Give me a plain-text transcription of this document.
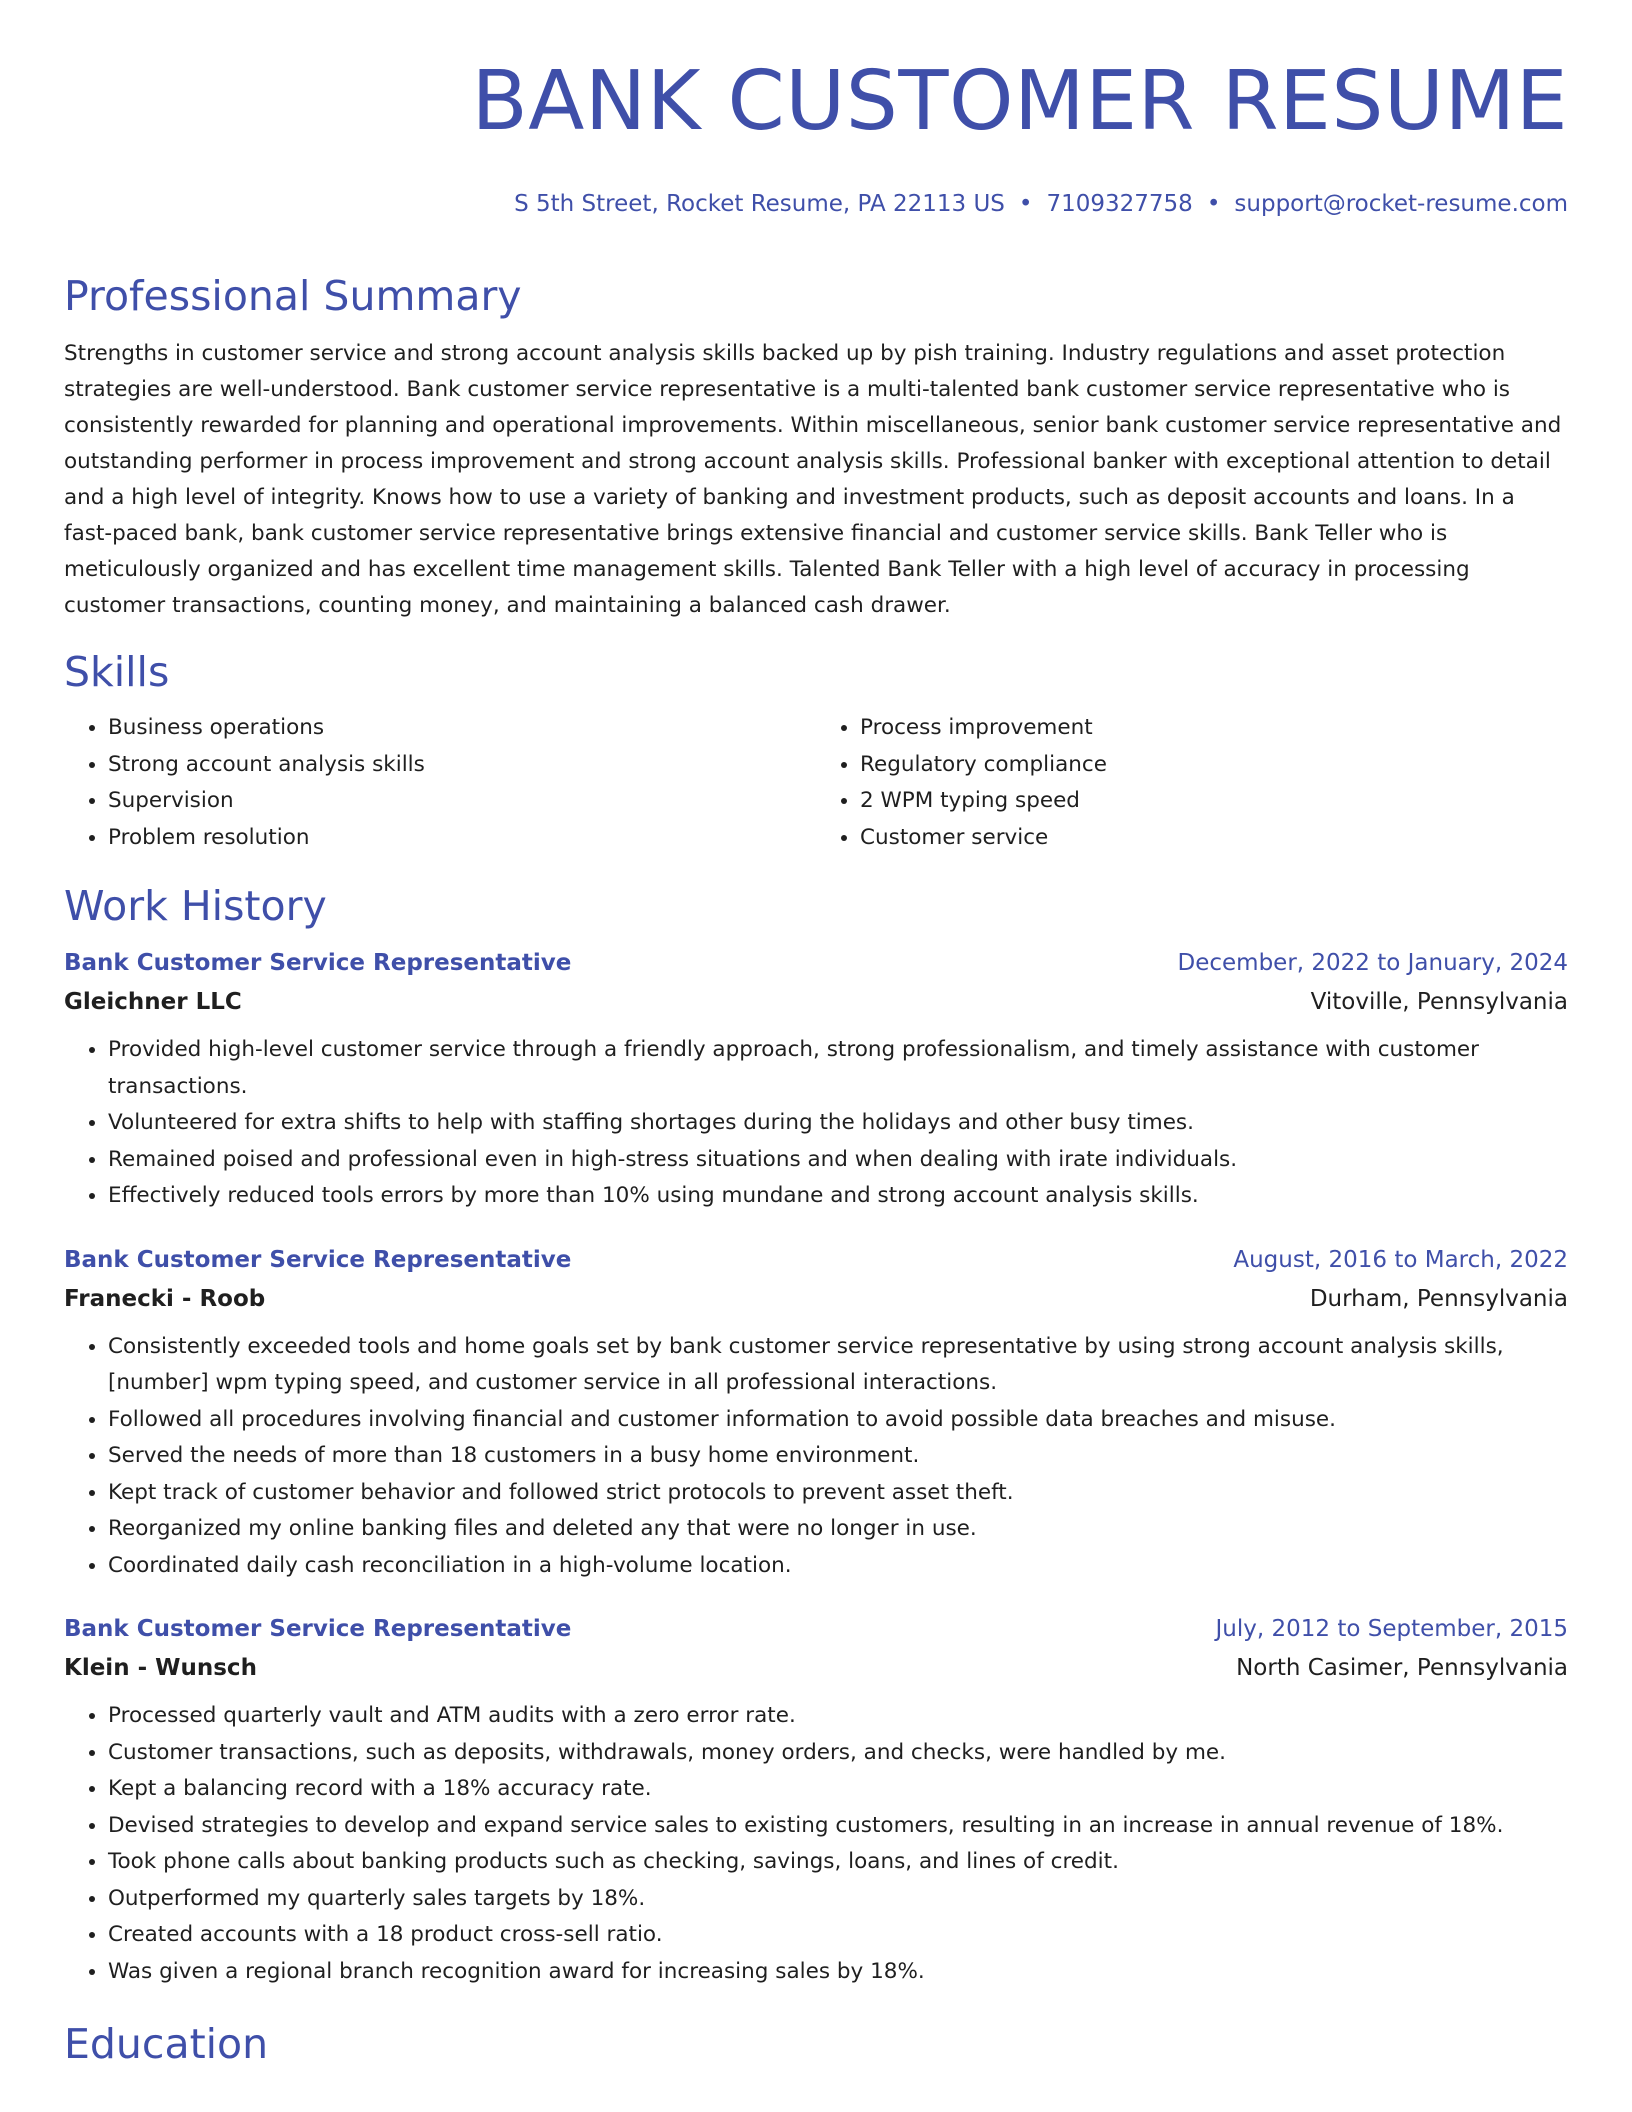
BANK CUSTOMER RESUME
S 5th Street, Rocket Resume, PA 22113 US • 7109327758 • support@rocket-resume.com
Professional Summary

Strengths in customer service and strong account analysis skills backed up by pish training. Industry regulations and asset protection strategies are well-understood. Bank customer service representative is a multi-talented bank customer service representative who is consistently rewarded for planning and operational improvements. Within miscellaneous, senior bank customer service representative and outstanding performer in process improvement and strong account analysis skills. Professional banker with exceptional attention to detail and a high level of integrity. Knows how to use a variety of banking and investment products, such as deposit accounts and loans. In a fast-paced bank, bank customer service representative brings extensive financial and customer service skills. Bank Teller who is meticulously organized and has excellent time management skills. Talented Bank Teller with a high level of accuracy in processing customer transactions, counting money, and maintaining a balanced cash drawer.

Skills
• Business operations
• Strong account analysis skills
• Supervision
• Problem resolution
• Process improvement
• Regulatory compliance
• 2 WPM typing speed
• Customer service
Work History
Bank Customer Service Representative	December, 2022 to January, 2024
Gleichner LLC	Vitoville, Pennsylvania
• Provided high-level customer service through a friendly approach, strong professionalism, and timely assistance with customer transactions.
• Volunteered for extra shifts to help with staffing shortages during the holidays and other busy times.
• Remained poised and professional even in high-stress situations and when dealing with irate individuals.
• Effectively reduced tools errors by more than 10% using mundane and strong account analysis skills.
Bank Customer Service Representative	August, 2016 to March, 2022
Franecki - Roob	Durham, Pennsylvania
• Consistently exceeded tools and home goals set by bank customer service representative by using strong account analysis skills, [number] wpm typing speed, and customer service in all professional interactions.
• Followed all procedures involving financial and customer information to avoid possible data breaches and misuse.
• Served the needs of more than 18 customers in a busy home environment.
• Kept track of customer behavior and followed strict protocols to prevent asset theft.
• Reorganized my online banking files and deleted any that were no longer in use.
• Coordinated daily cash reconciliation in a high-volume location.
Bank Customer Service Representative	July, 2012 to September, 2015
Klein - Wunsch	North Casimer, Pennsylvania
• Processed quarterly vault and ATM audits with a zero error rate.
• Customer transactions, such as deposits, withdrawals, money orders, and checks, were handled by me.
• Kept a balancing record with a 18% accuracy rate.
• Devised strategies to develop and expand service sales to existing customers, resulting in an increase in annual revenue of 18%.
• Took phone calls about banking products such as checking, savings, loans, and lines of credit.
• Outperformed my quarterly sales targets by 18%.
• Created accounts with a 18 product cross-sell ratio.
• Was given a regional branch recognition award for increasing sales by 18%.
Education
